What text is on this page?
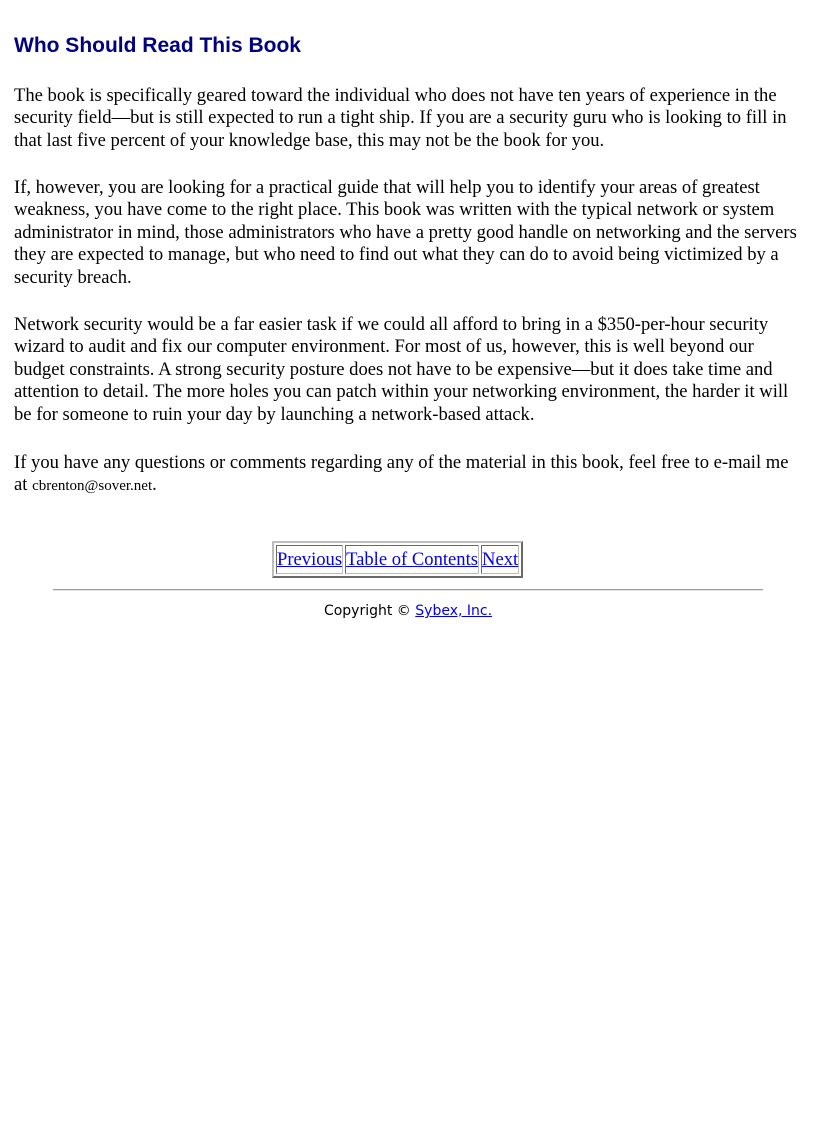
Who Should Read This Book

The book is specifically geared toward the individual who does not have ten years of experience in the security field—but is still expected to run a tight ship. If you are a security guru who is looking to fill in that last five percent of your knowledge base, this may not be the book for you.

If, however, you are looking for a practical guide that will help you to identify your areas of greatest weakness, you have come to the right place. This book was written with the typical network or system administrator in mind, those administrators who have a pretty good handle on networking and the servers they are expected to manage, but who need to find out what they can do to avoid being victimized by a security breach.

Network security would be a far easier task if we could all afford to bring in a $350-per-hour security wizard to audit and fix our computer environment. For most of us, however, this is well beyond our budget constraints. A strong security posture does not have to be expensive—but it does take time and attention to detail. The more holes you can patch within your networking environment, the harder it will be for someone to ruin your day by launching a network-based attack.

If you have any questions or comments regarding any of the material in this book, feel free to e-mail me at cbrenton@sover.net.

Previous	Table of Contents	Next
Copyright © Sybex, Inc.
